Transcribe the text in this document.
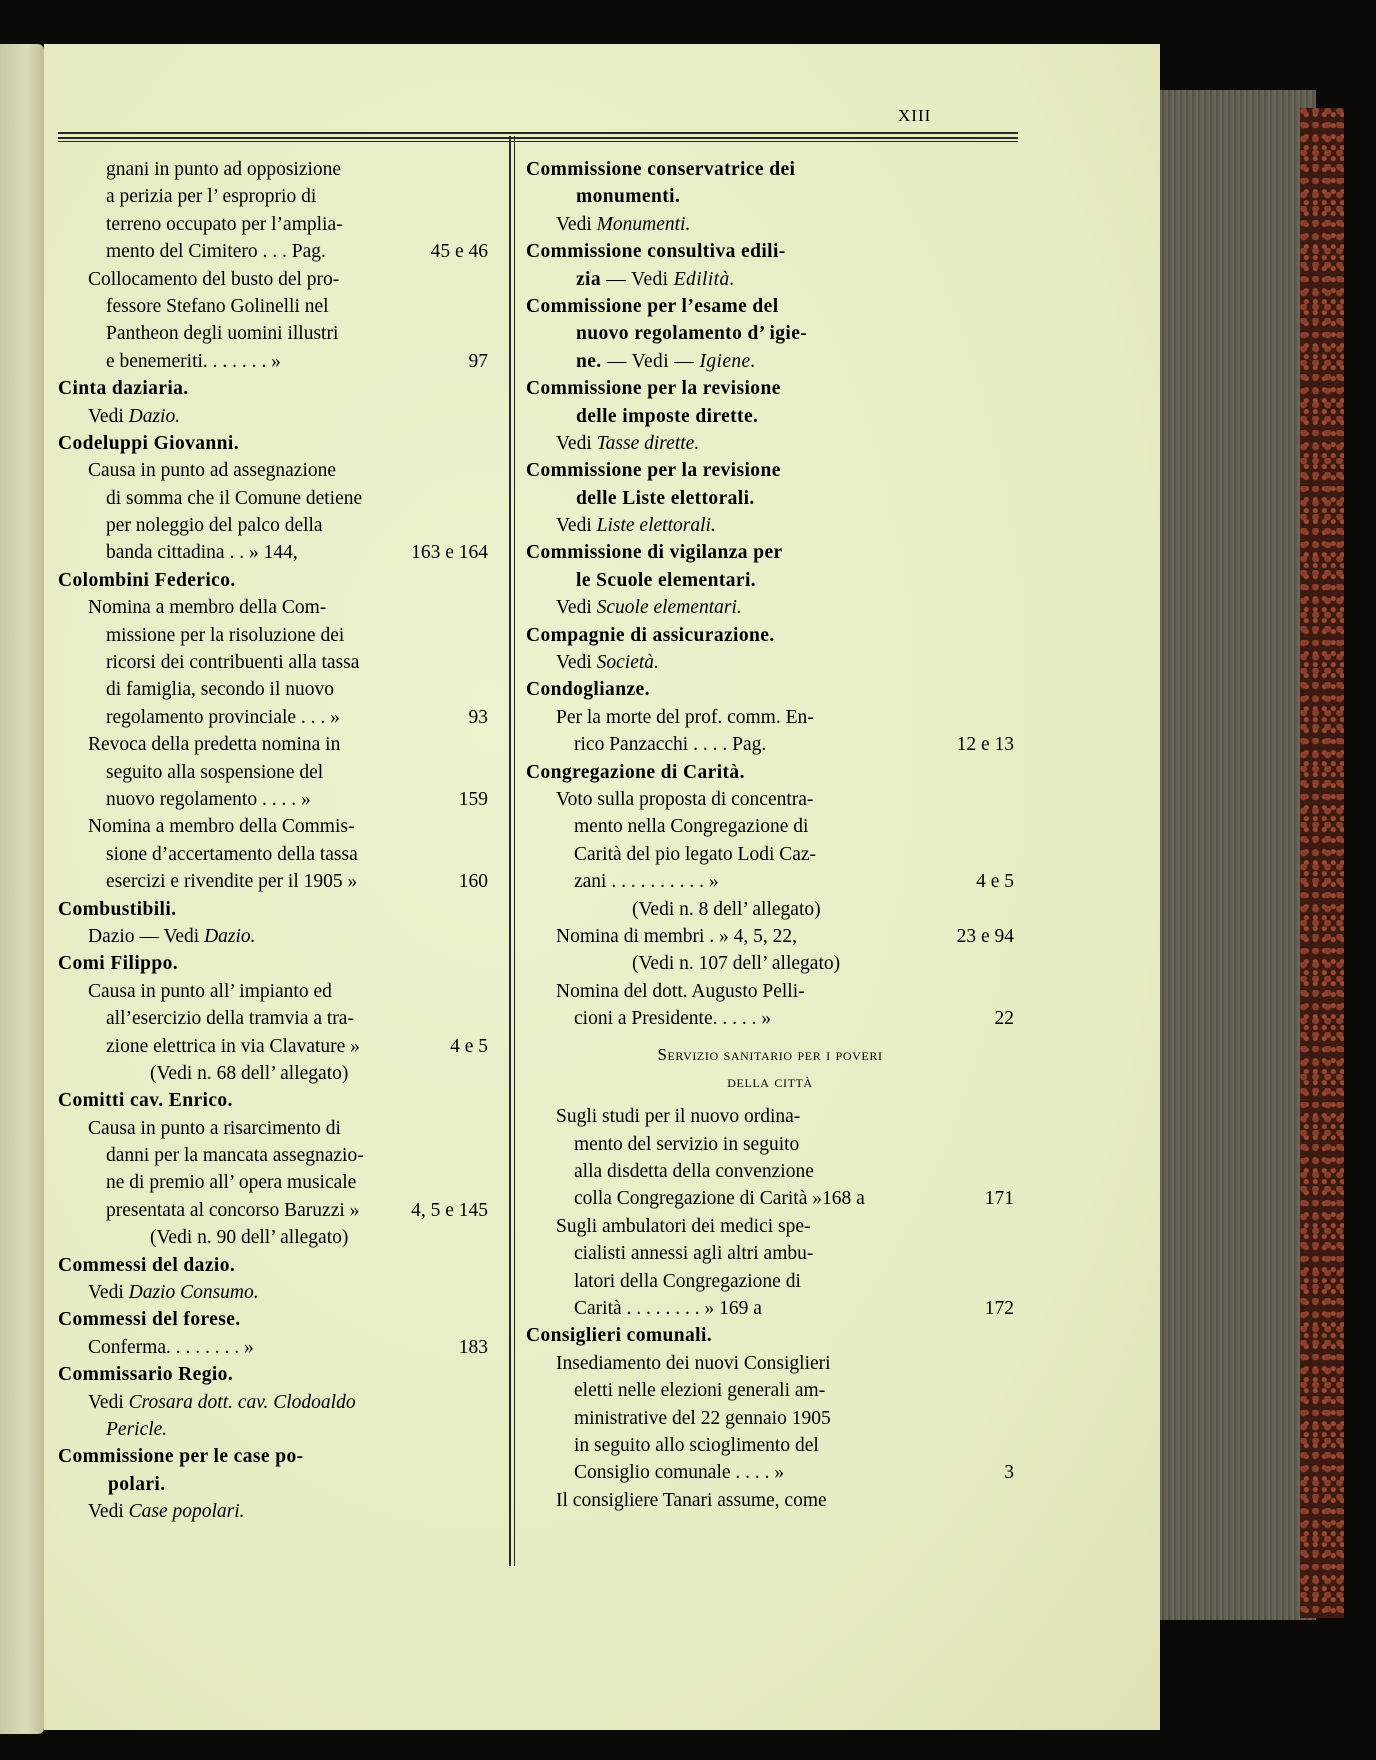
XIII
gnani in punto ad opposizione
a perizia per l’ esproprio di
terreno occupato per l’amplia-
mento del Cimitero . . . Pag.	45 e 46
Collocamento del busto del pro-
fessore Stefano Golinelli nel
Pantheon degli uomini illustri
e benemeriti. . . . . . . »	97
Cinta daziaria.
Vedi Dazio.
Codeluppi Giovanni.
Causa in punto ad assegnazione
di somma che il Comune detiene
per noleggio del palco della
banda cittadina . . » 144,	163 e 164
Colombini Federico.
Nomina a membro della Com-
missione per la risoluzione dei
ricorsi dei contribuenti alla tassa
di famiglia, secondo il nuovo
regolamento provinciale . . . »	93
Revoca della predetta nomina in
seguito alla sospensione del
nuovo regolamento . . . . »	159
Nomina a membro della Commis-
sione d’accertamento della tassa
esercizi e rivendite per il 1905 »	160
Combustibili.
Dazio — Vedi Dazio.
Comi Filippo.
Causa in punto all’ impianto ed
all’esercizio della tramvia a tra-
zione elettrica in via Clavature »	4 e 5
(Vedi n. 68 dell’ allegato)
Comitti cav. Enrico.
Causa in punto a risarcimento di
danni per la mancata assegnazio-
ne di premio all’ opera musicale
presentata al concorso Baruzzi »	4, 5 e 145
(Vedi n. 90 dell’ allegato)
Commessi del dazio.
Vedi Dazio Consumo.
Commessi del forese.
Conferma. . . . . . . . »	183
Commissario Regio.
Vedi Crosara dott. cav. Clodoaldo
Pericle.
Commissione per le case po-
polari.
Vedi Case popolari.
Commissione conservatrice dei
monumenti.
Vedi Monumenti.
Commissione consultiva edili-
zia — Vedi Edilità.
Commissione per l’esame del
nuovo regolamento d’ igie-
ne. — Vedi — Igiene.
Commissione per la revisione
delle imposte dirette.
Vedi Tasse dirette.
Commissione per la revisione
delle Liste elettorali.
Vedi Liste elettorali.
Commissione di vigilanza per
le Scuole elementari.
Vedi Scuole elementari.
Compagnie di assicurazione.
Vedi Società.
Condoglianze.
Per la morte del prof. comm. En-
rico Panzacchi . . . . Pag.	12 e 13
Congregazione di Carità.
Voto sulla proposta di concentra-
mento nella Congregazione di
Carità del pio legato Lodi Caz-
zani . . . . . . . . . . »	4 e 5
(Vedi n. 8 dell’ allegato)
Nomina di membri . » 4, 5, 22,	23 e 94
(Vedi n. 107 dell’ allegato)
Nomina del dott. Augusto Pelli-
cioni a Presidente. . . . . »	22
Servizio sanitario per i poveri
della città
Sugli studi per il nuovo ordina-
mento del servizio in seguito
alla disdetta della convenzione
colla Congregazione di Carità »168 a	171
Sugli ambulatori dei medici spe-
cialisti annessi agli altri ambu-
latori della Congregazione di
Carità . . . . . . . . » 169 a	172
Consiglieri comunali.
Insediamento dei nuovi Consiglieri
eletti nelle elezioni generali am-
ministrative del 22 gennaio 1905
in seguito allo scioglimento del
Consiglio comunale . . . . »	3
Il consigliere Tanari assume, come
